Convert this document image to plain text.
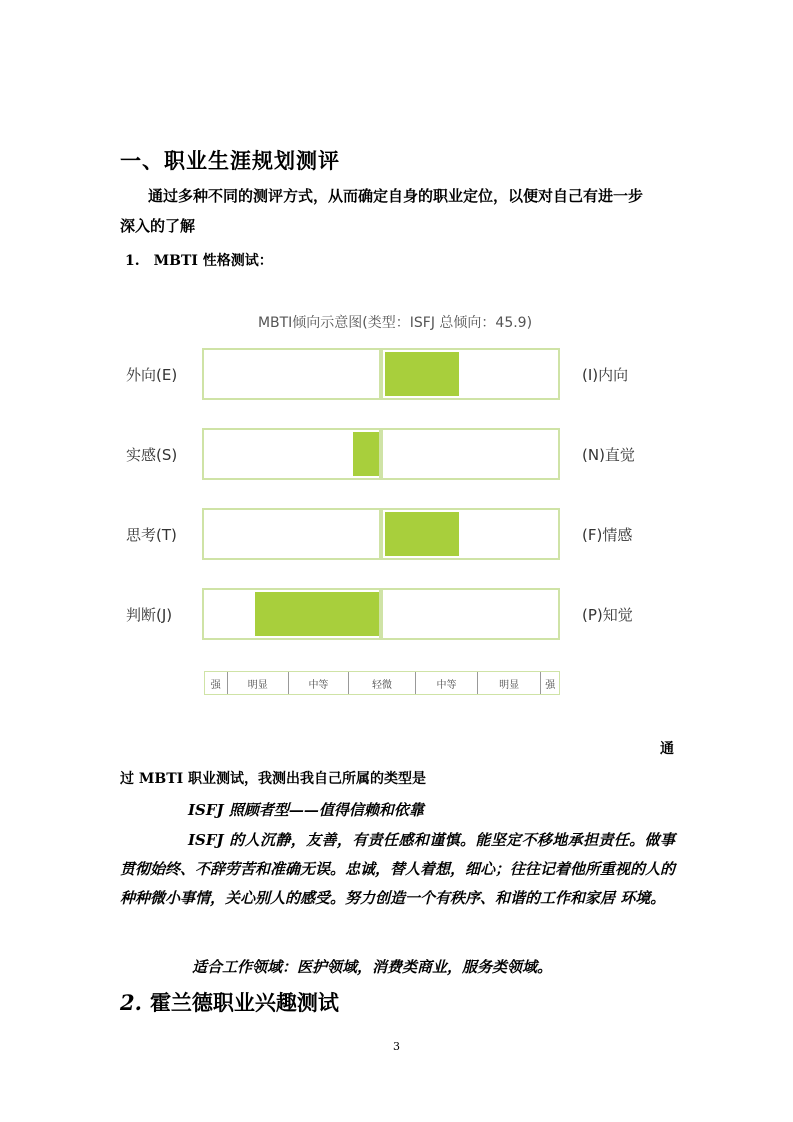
一、职业生涯规划测评
通过多种不同的测评方式，从而确定自身的职业定位，以便对自己有进一步
深入的了解
1.　MBTI 性格测试：
MBTI倾向示意图(类型：ISFJ 总倾向：45.9)
外向(E)	(I)内向
实感(S)	(N)直觉
思考(T)	(F)情感
判断(J)	(P)知觉
强	明显	中等	轻微	中等	明显	强
通
过 MBTI 职业测试，我测出我自己所属的类型是
ISFJ 照顾者型——值得信赖和依靠

ISFJ 的人沉静，友善，有责任感和谨慎。能坚定不移地承担责任。做事贯彻始终、不辞劳苦和准确无误。忠诚，替人着想，细心；往往记着他所重视的人的种种微小事情，关心别人的感受。努力创造一个有秩序、和谐的工作和家居 环境。

适合工作领域：医护领域，消费类商业，服务类领域。
2. 霍兰德职业兴趣测试
3
